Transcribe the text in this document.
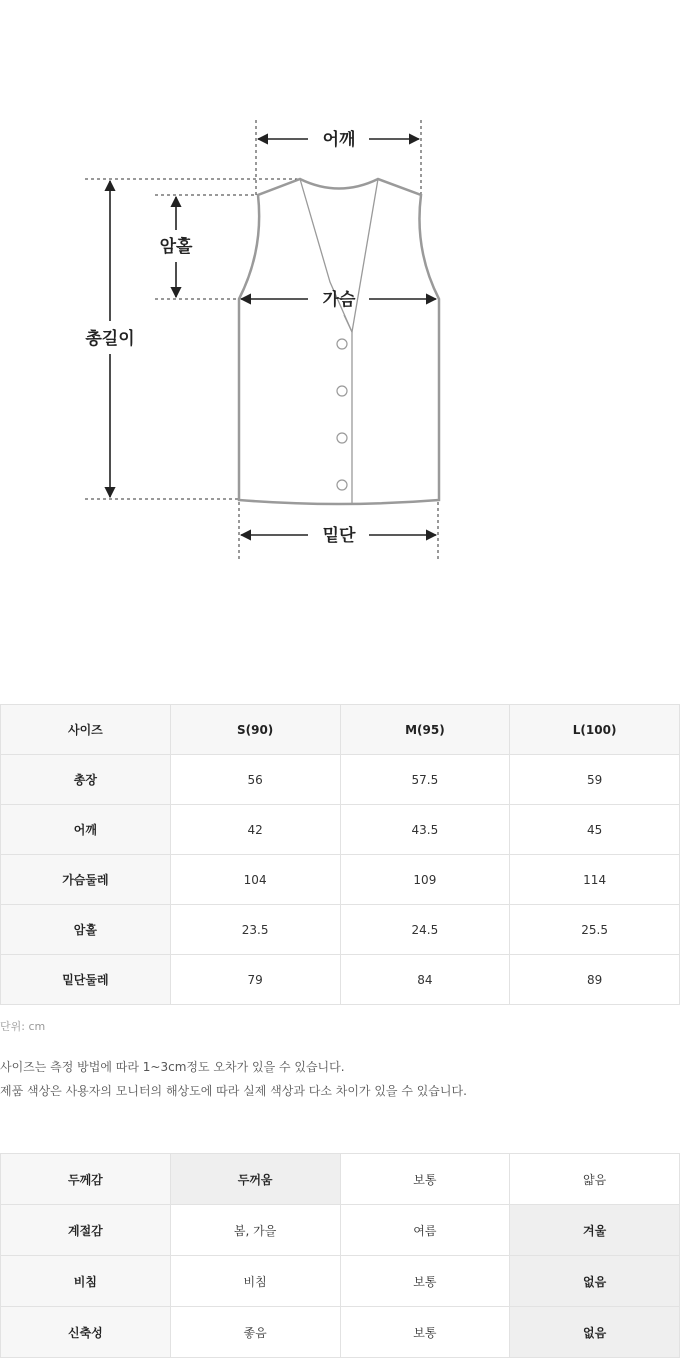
어깨
암홀
총길이
가슴
밑단
사이즈	S(90)	M(95)	L(100)
총장	56	57.5	59
어깨	42	43.5	45
가슴둘레	104	109	114
암홀	23.5	24.5	25.5
밑단둘레	79	84	89
단위: cm
사이즈는 측정 방법에 따라 1~3cm정도 오차가 있을 수 있습니다.
제품 색상은 사용자의 모니터의 해상도에 따라 실제 색상과 다소 차이가 있을 수 있습니다.
두께감	두꺼움	보통	얇음
계절감	봄, 가을	여름	겨울
비침	비침	보통	없음
신축성	좋음	보통	없음
